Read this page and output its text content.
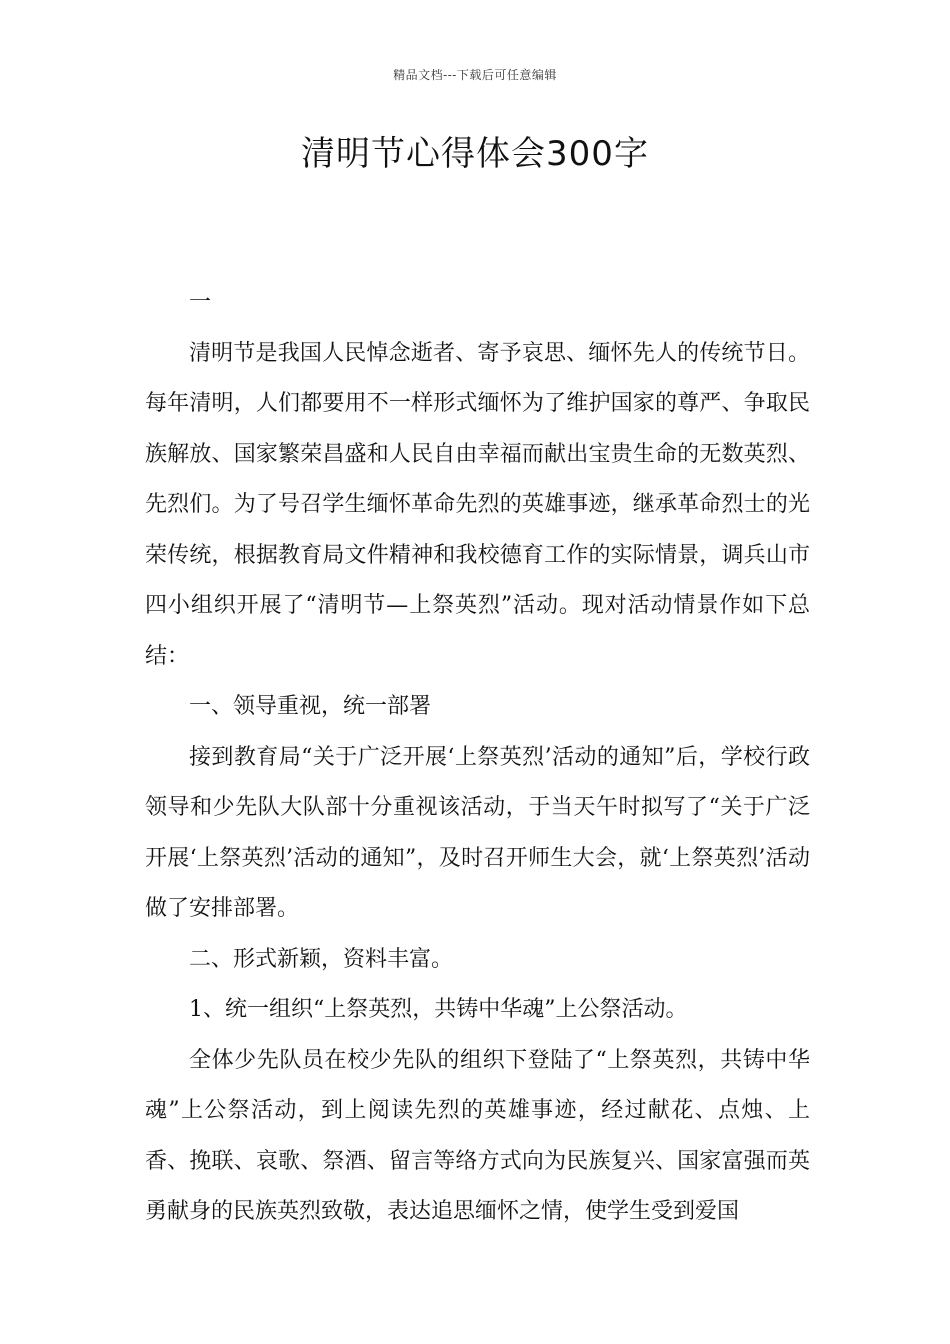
精品文档---下载后可任意编辑
清明节心得体会300字

一

清明节是我国人民悼念逝者、寄予哀思、缅怀先人的传统节日。每年清明，人们都要用不一样形式缅怀为了维护国家的尊严、争取民族解放、国家繁荣昌盛和人民自由幸福而献出宝贵生命的无数英烈、先烈们。为了号召学生缅怀革命先烈的英雄事迹，继承革命烈士的光荣传统，根据教育局文件精神和我校德育工作的实际情景，调兵山市四小组织开展了“清明节—上祭英烈”活动。现对活动情景作如下总结：

一、领导重视，统一部署

接到教育局“关于广泛开展‘上祭英烈’活动的通知”后，学校行政领导和少先队大队部十分重视该活动，于当天午时拟写了“关于广泛开展‘上祭英烈’活动的通知”，及时召开师生大会，就‘上祭英烈’活动做了安排部署。

二、形式新颖，资料丰富。

1、统一组织“上祭英烈，共铸中华魂”上公祭活动。

全体少先队员在校少先队的组织下登陆了“上祭英烈，共铸中华魂”上公祭活动，到上阅读先烈的英雄事迹，经过献花、点烛、上香、挽联、哀歌、祭酒、留言等络方式向为民族复兴、国家富强而英勇献身的民族英烈致敬，表达追思缅怀之情，使学生受到爱国
